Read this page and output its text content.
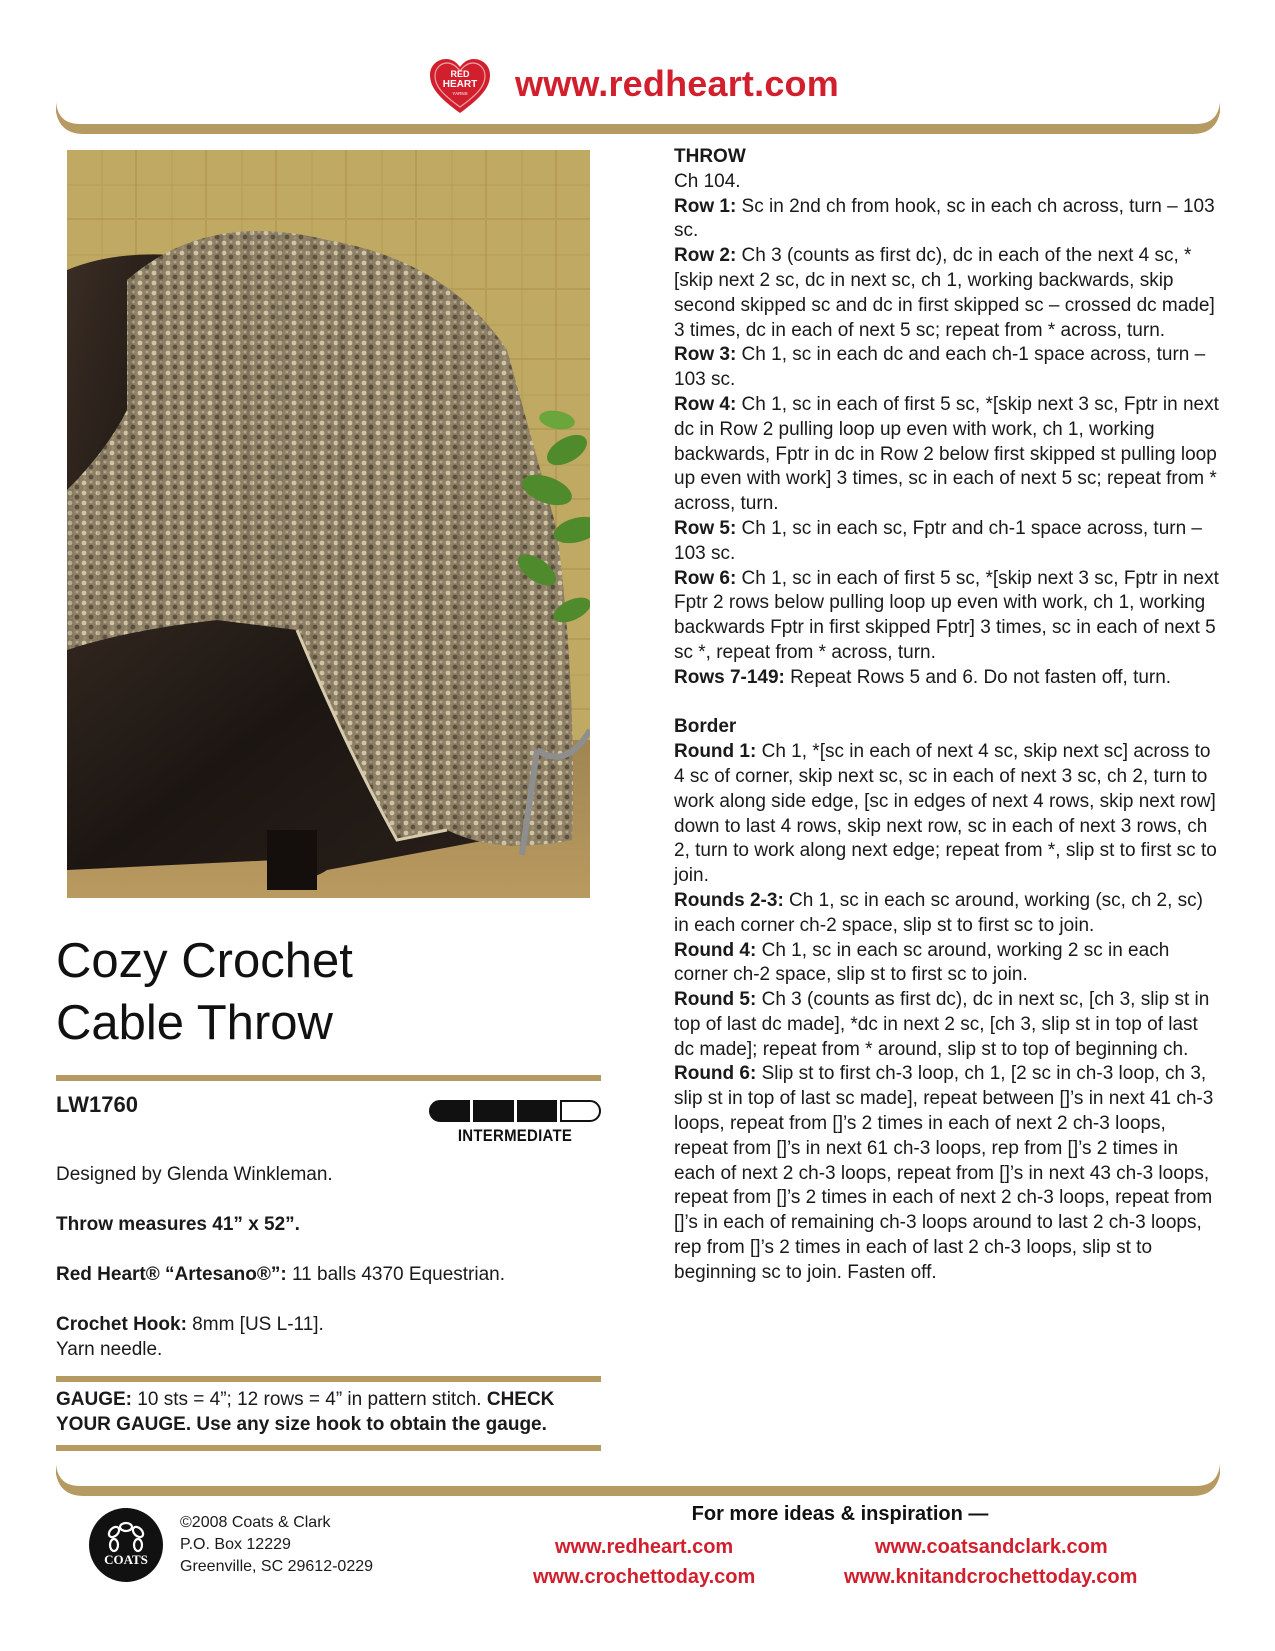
RED
HEART
YARNS www.redheart.com
Cozy Crochet
Cable Throw
LW1760
INTERMEDIATE
Designed by Glenda Winkleman.
Throw measures 41” x 52”.
Red Heart® “Artesano®”: 11 balls 4370 Equestrian.
Crochet Hook: 8mm [US L-11].
Yarn needle.
GAUGE: 10 sts = 4”; 12 rows = 4” in pattern stitch. CHECK YOUR GAUGE. Use any size hook to obtain the gauge.

THROW

Ch 104.

Row 1: Sc in 2nd ch from hook, sc in each ch across, turn – 103 sc.

Row 2: Ch 3 (counts as first dc), dc in each of the next 4 sc, *[skip next 2 sc, dc in next sc, ch 1, working backwards, skip second skipped sc and dc in first skipped sc – crossed dc made] 3 times, dc in each of next 5 sc; repeat from * across, turn.

Row 3: Ch 1, sc in each dc and each ch-1 space across, turn – 103 sc.

Row 4: Ch 1, sc in each of first 5 sc, *[skip next 3 sc, Fptr in next dc in Row 2 pulling loop up even with work, ch 1, working backwards, Fptr in dc in Row 2 below first skipped st pulling loop up even with work] 3 times, sc in each of next 5 sc; repeat from * across, turn.

Row 5: Ch 1, sc in each sc, Fptr and ch-1 space across, turn – 103 sc.

Row 6: Ch 1, sc in each of first 5 sc, *[skip next 3 sc, Fptr in next Fptr 2 rows below pulling loop up even with work, ch 1, working backwards Fptr in first skipped Fptr] 3 times, sc in each of next 5 sc *, repeat from * across, turn.

Rows 7-149: Repeat Rows 5 and 6. Do not fasten off, turn.

Border

Round 1: Ch 1, *[sc in each of next 4 sc, skip next sc] across to 4 sc of corner, skip next sc, sc in each of next 3 sc, ch 2, turn to work along side edge, [sc in edges of next 4 rows, skip next row] down to last 4 rows, skip next row, sc in each of next 3 rows, ch 2, turn to work along next edge; repeat from *, slip st to first sc to join.

Rounds 2-3: Ch 1, sc in each sc around, working (sc, ch 2, sc) in each corner ch-2 space, slip st to first sc to join.

Round 4: Ch 1, sc in each sc around, working 2 sc in each corner ch-2 space, slip st to first sc to join.

Round 5: Ch 3 (counts as first dc), dc in next sc, [ch 3, slip st in top of last dc made], *dc in next 2 sc, [ch 3, slip st in top of last dc made]; repeat from * around, slip st to top of beginning ch.

Round 6: Slip st to first ch-3 loop, ch 1, [2 sc in ch-3 loop, ch 3, slip st in top of last sc made], repeat between []’s in next 41 ch-3 loops, repeat from []’s 2 times in each of next 2 ch-3 loops, repeat from []’s in next 61 ch-3 loops, rep from []’s 2 times in each of next 2 ch-3 loops, repeat from []’s in next 43 ch-3 loops, repeat from []’s 2 times in each of next 2 ch-3 loops, repeat from []’s in each of remaining ch-3 loops around to last 2 ch-3 loops, rep from []’s 2 times in each of last 2 ch-3 loops, slip st to beginning sc to join. Fasten off.

COATS
©2008 Coats & Clark
P.O. Box 12229
Greenville, SC 29612-0229
For more ideas & inspiration —
www.redheart.com	www.coatsandclark.com
www.crochettoday.com	www.knitandcrochettoday.com
